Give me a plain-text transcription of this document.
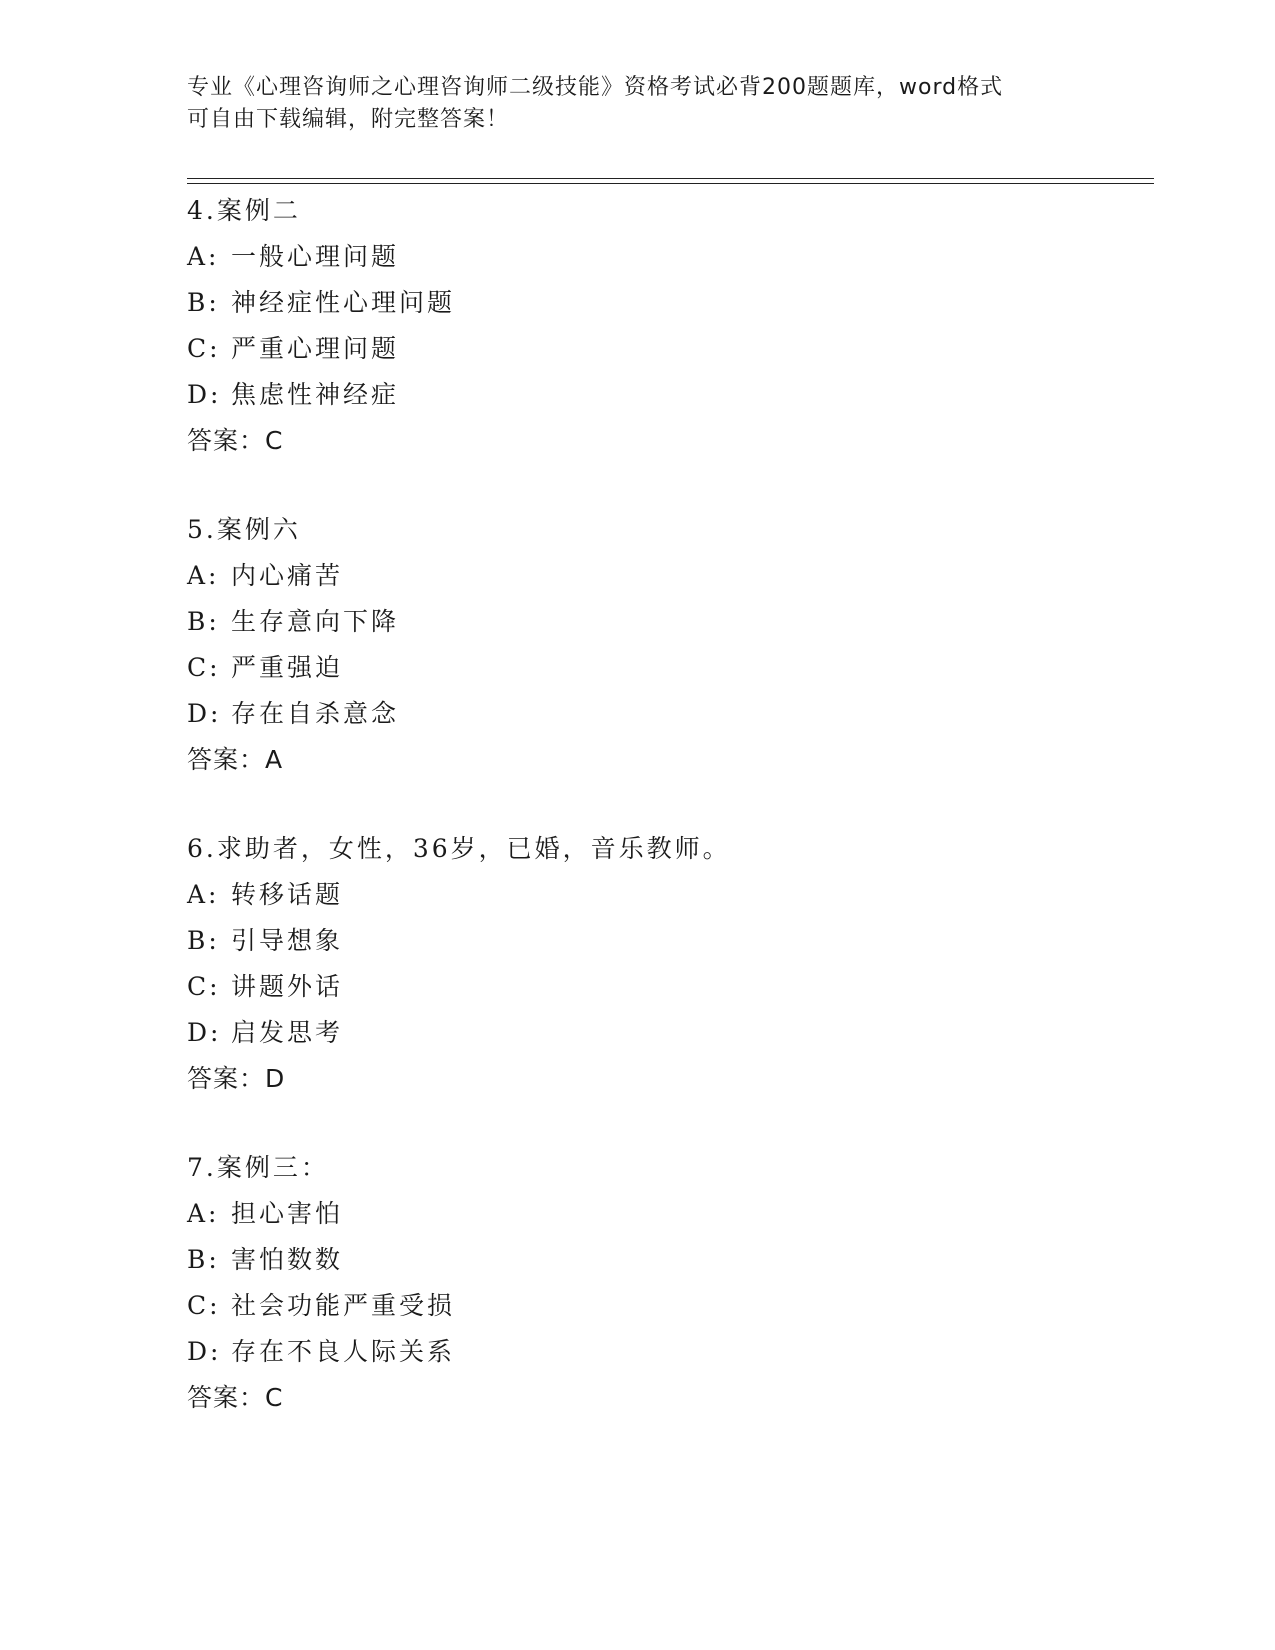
专业《心理咨询师之心理咨询师二级技能》资格考试必背200题题库，word格式
可自由下载编辑，附完整答案！
4.案例二
A: 一般心理问题
B: 神经症性心理问题
C: 严重心理问题
D: 焦虑性神经症
答案：C
5.案例六
A: 内心痛苦
B: 生存意向下降
C: 严重强迫
D: 存在自杀意念
答案：A
6.求助者，女性，36岁，已婚，音乐教师。
A: 转移话题
B: 引导想象
C: 讲题外话
D: 启发思考
答案：D
7.案例三：
A: 担心害怕
B: 害怕数数
C: 社会功能严重受损
D: 存在不良人际关系
答案：C
